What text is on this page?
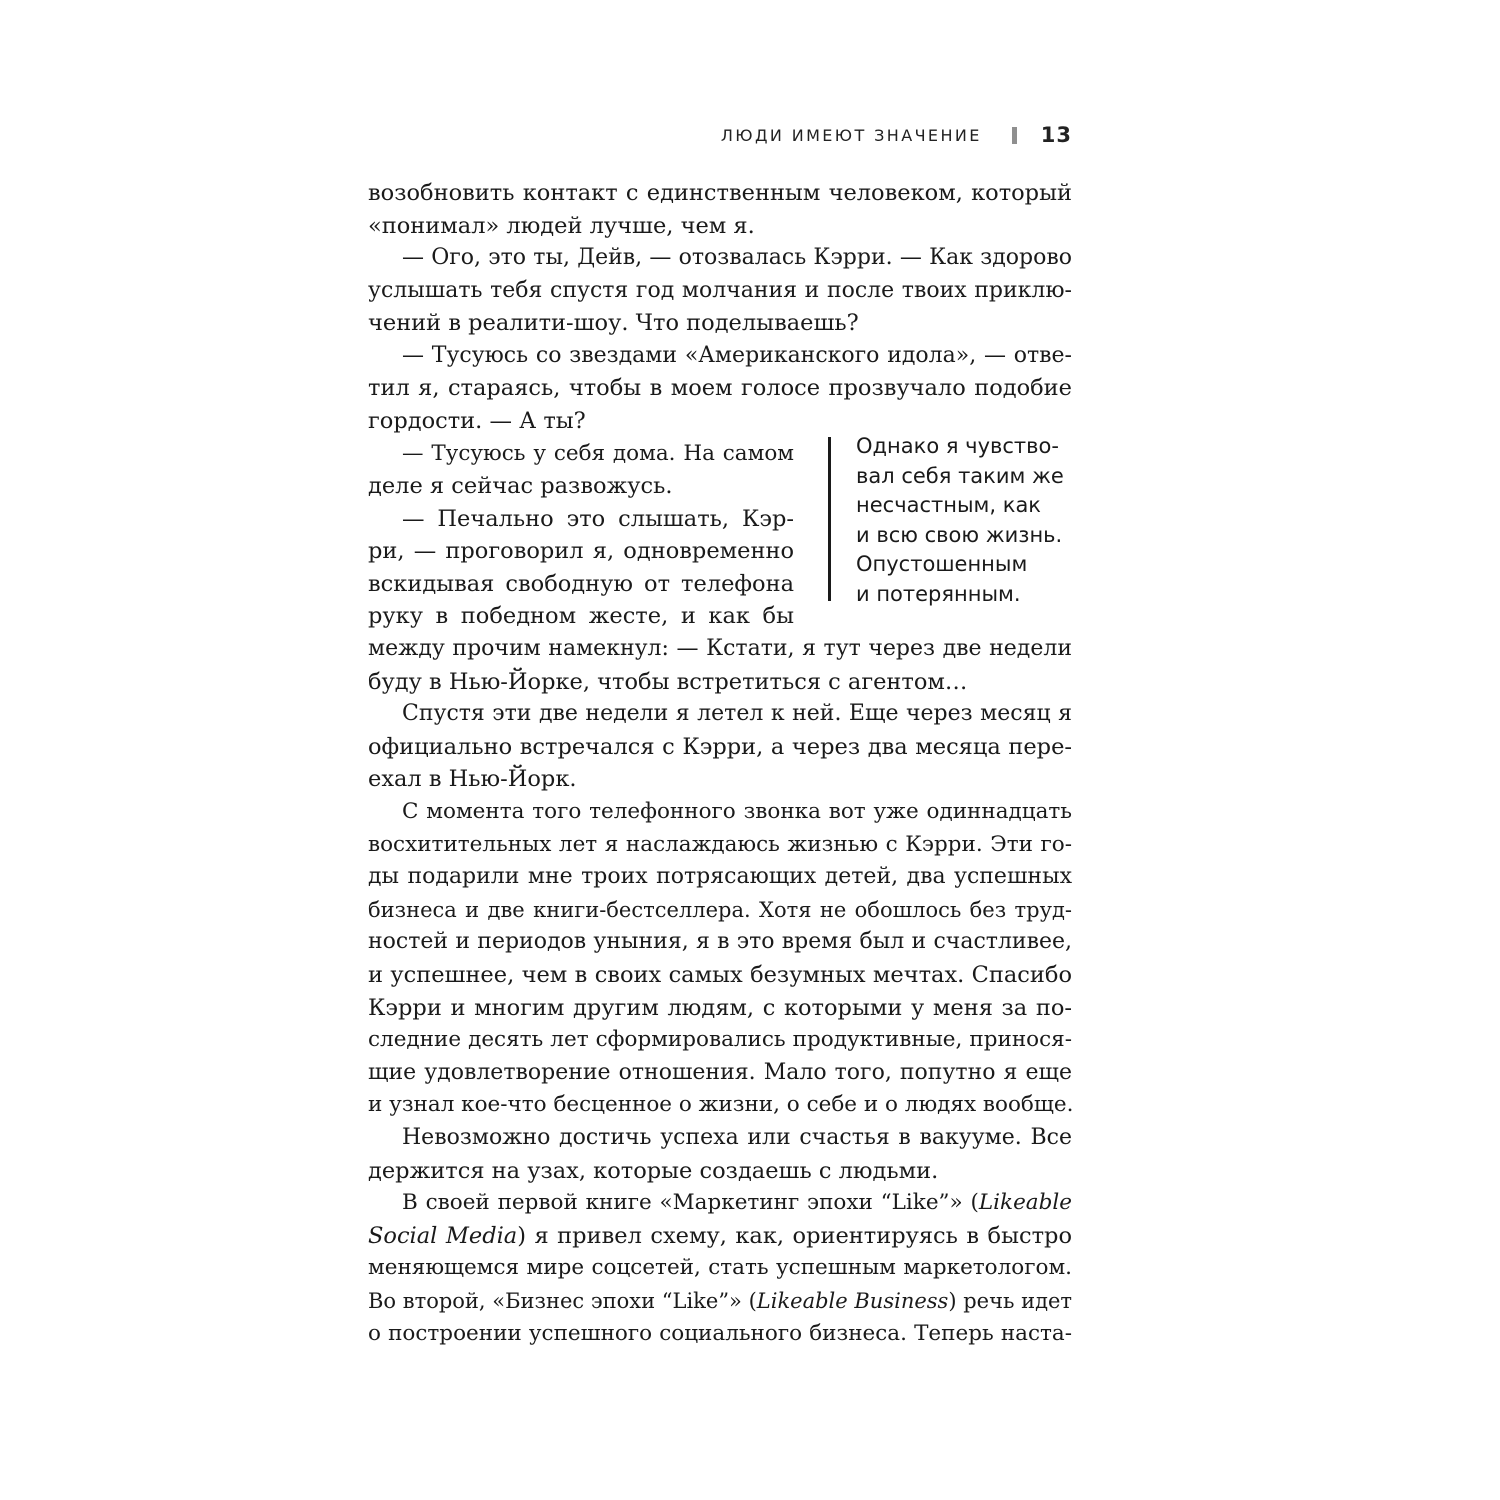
ЛЮДИ ИМЕЮТ ЗНАЧЕНИЕ	13
возобновить контакт с единственным человеком, который
«понимал» людей лучше, чем я.
— Ого, это ты, Дейв, — отозвалась Кэрри. — Как здорово
услышать тебя спустя год молчания и после твоих приклю-
чений в реалити-шоу. Что поделываешь?
— Тусуюсь со звездами «Американского идола», — отве-
тил я, стараясь, чтобы в моем голосе прозвучало подобие
гордости. — А ты?
— Тусуюсь у себя дома. На самом
деле я сейчас развожусь.
— Печально это слышать, Кэр-
ри, — проговорил я, одновременно
вскидывая свободную от телефона
руку в победном жесте, и как бы
между прочим намекнул: — Кстати, я тут через две недели
буду в Нью-Йорке, чтобы встретиться с агентом…
Спустя эти две недели я летел к ней. Еще через месяц я
официально встречался с Кэрри, а через два месяца пере-
ехал в Нью-Йорк.
С момента того телефонного звонка вот уже одиннадцать
восхитительных лет я наслаждаюсь жизнью с Кэрри. Эти го-
ды подарили мне троих потрясающих детей, два успешных
бизнеса и две книги-бестселлера. Хотя не обошлось без труд-
ностей и периодов уныния, я в это время был и счастливее,
и успешнее, чем в своих самых безумных мечтах. Спасибо
Кэрри и многим другим людям, с которыми у меня за по-
следние десять лет сформировались продуктивные, принося-
щие удовлетворение отношения. Мало того, попутно я еще
и узнал кое-что бесценное о жизни, о себе и о людях вообще.
Невозможно достичь успеха или счастья в вакууме. Все
держится на узах, которые создаешь с людьми.
В своей первой книге «Маркетинг эпохи “Like”» (Likeable
Social Media) я привел схему, как, ориентируясь в быстро
меняющемся мире соцсетей, стать успешным маркетологом.
Во второй, «Бизнес эпохи “Like”» (Likeable Business) речь идет
о построении успешного социального бизнеса. Теперь наста-
Однако я чувство-
вал себя таким же
несчастным, как
и всю свою жизнь.
Опустошенным
и потерянным.
